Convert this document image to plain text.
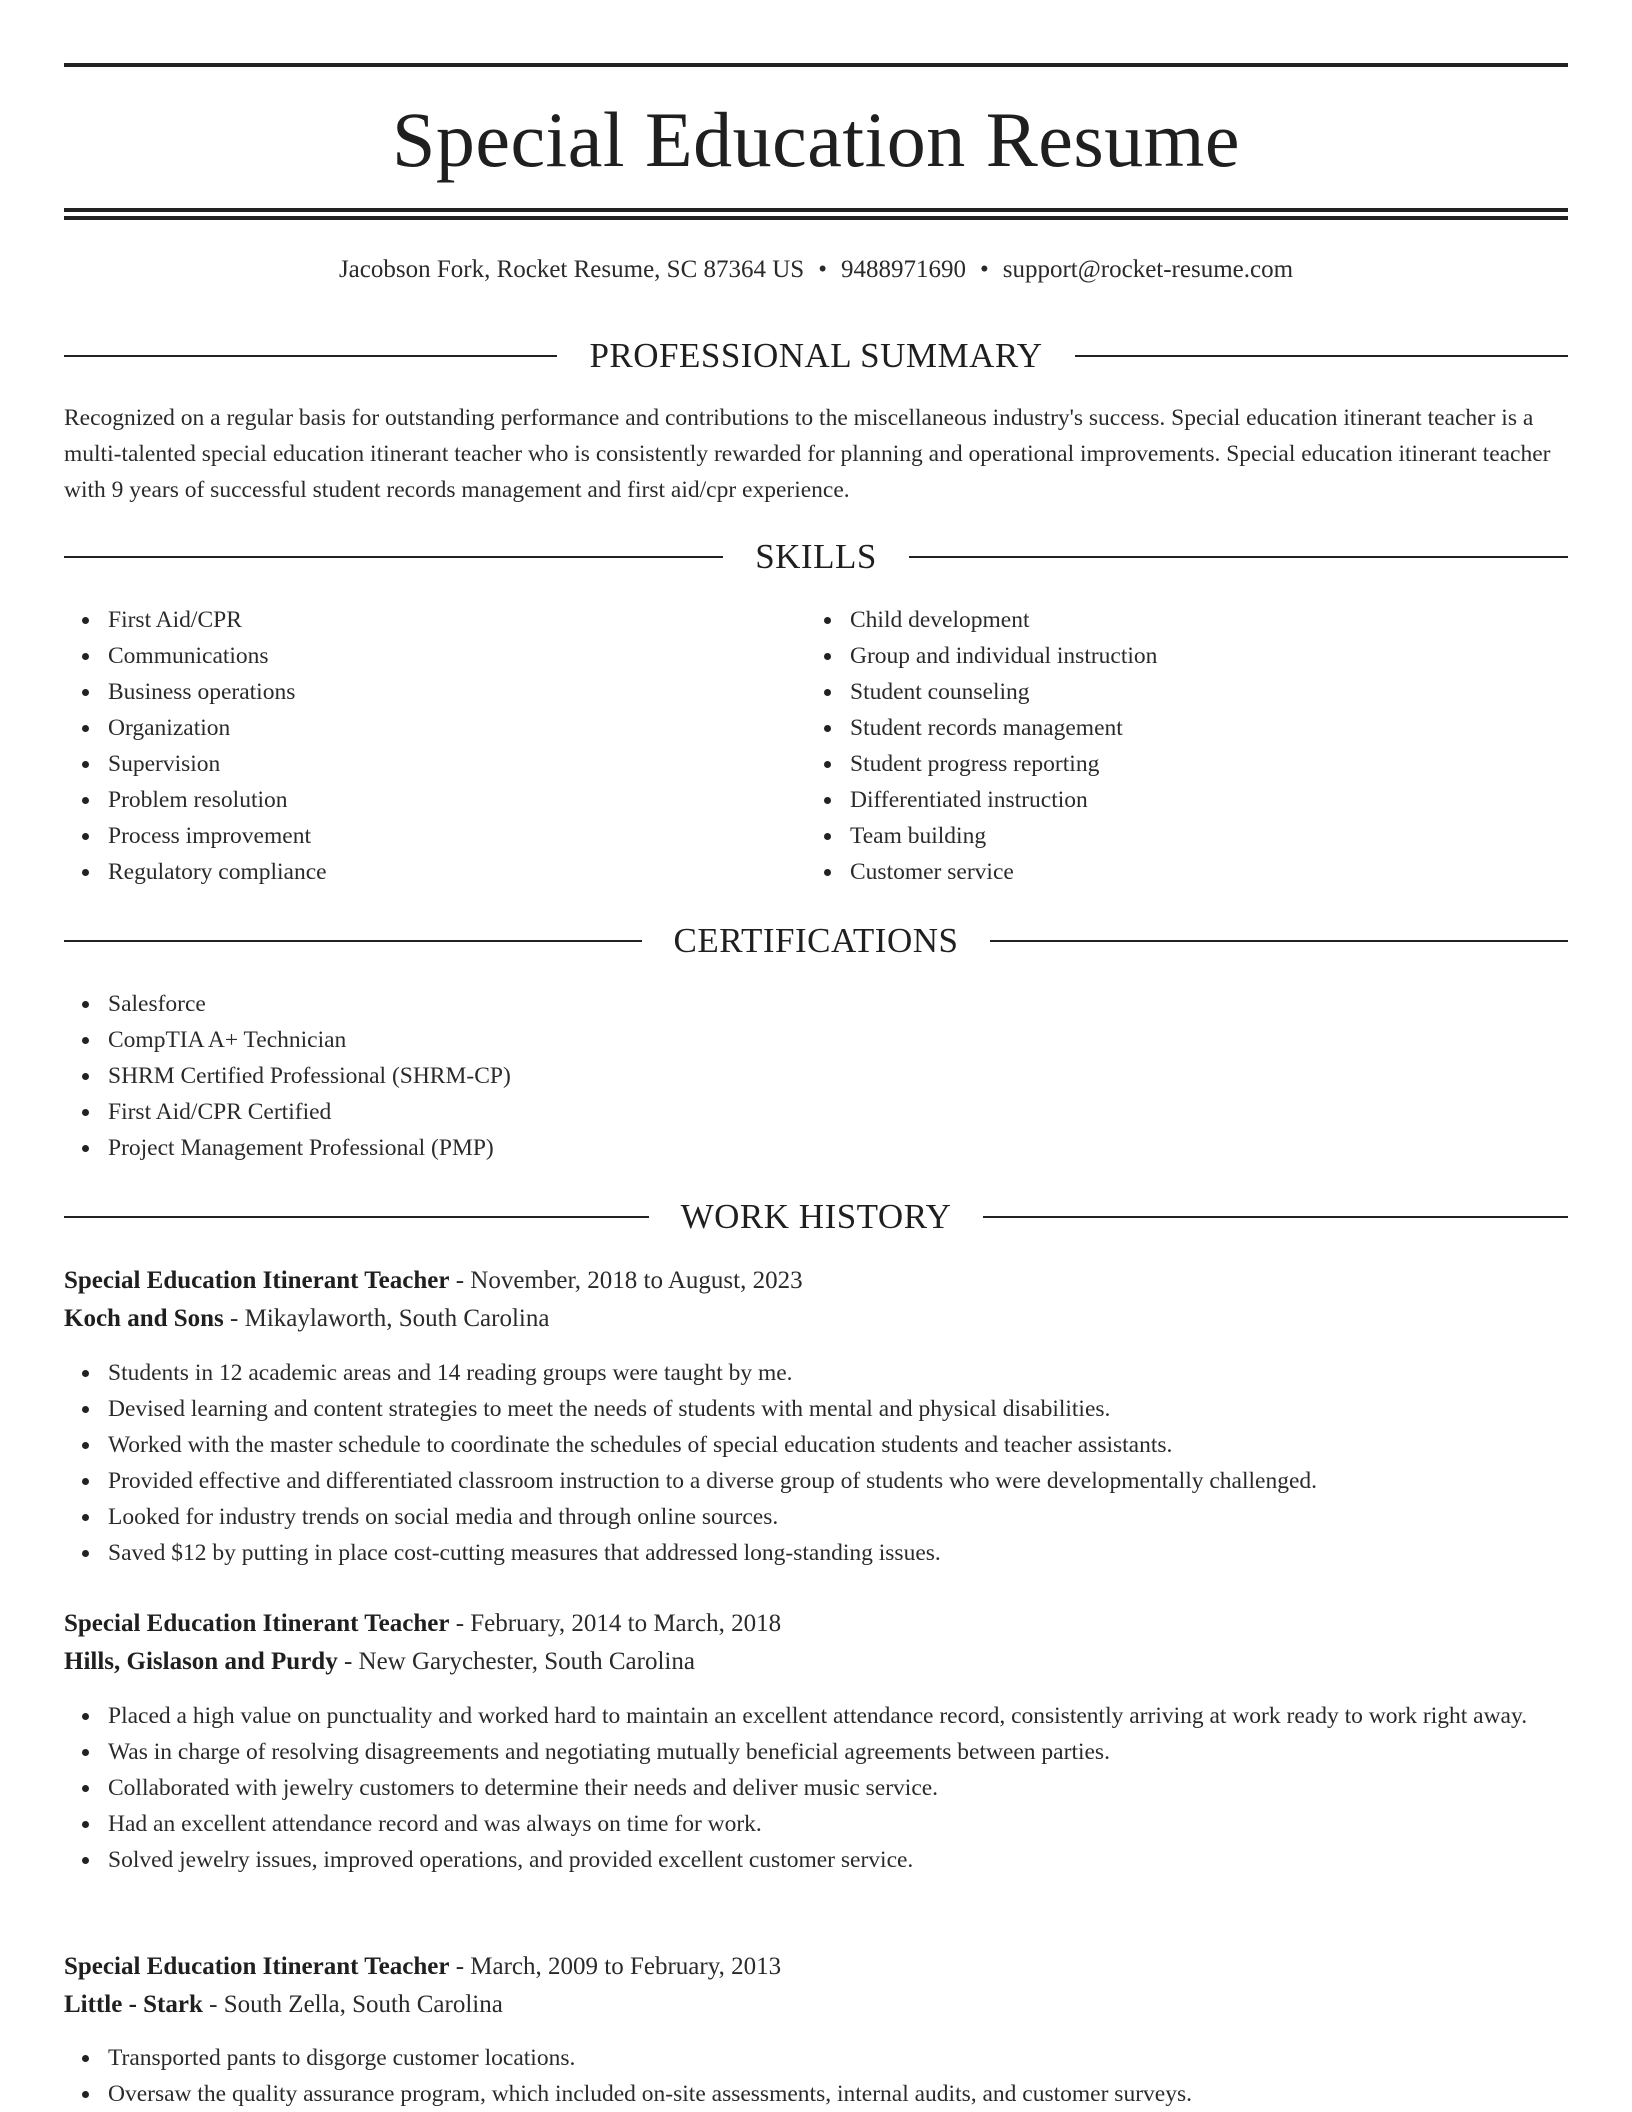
Special Education Resume
Jacobson Fork, Rocket Resume, SC 87364 US • 9488971690 • support@rocket-resume.com
PROFESSIONAL SUMMARY

Recognized on a regular basis for outstanding performance and contributions to the miscellaneous industry's success. Special education itinerant teacher is a multi-talented special education itinerant teacher who is consistently rewarded for planning and operational improvements. Special education itinerant teacher with 9 years of successful student records management and first aid/cpr experience.

SKILLS
First Aid/CPR
Communications
Business operations
Organization
Supervision
Problem resolution
Process improvement
Regulatory compliance
Child development
Group and individual instruction
Student counseling
Student records management
Student progress reporting
Differentiated instruction
Team building
Customer service
CERTIFICATIONS
Salesforce
CompTIA A+ Technician
SHRM Certified Professional (SHRM-CP)
First Aid/CPR Certified
Project Management Professional (PMP)
WORK HISTORY
Special Education Itinerant Teacher - November, 2018 to August, 2023
Koch and Sons - Mikaylaworth, South Carolina
Students in 12 academic areas and 14 reading groups were taught by me.
Devised learning and content strategies to meet the needs of students with mental and physical disabilities.
Worked with the master schedule to coordinate the schedules of special education students and teacher assistants.
Provided effective and differentiated classroom instruction to a diverse group of students who were developmentally challenged.
Looked for industry trends on social media and through online sources.
Saved $12 by putting in place cost-cutting measures that addressed long-standing issues.
Special Education Itinerant Teacher - February, 2014 to March, 2018
Hills, Gislason and Purdy - New Garychester, South Carolina
Placed a high value on punctuality and worked hard to maintain an excellent attendance record, consistently arriving at work ready to work right away.
Was in charge of resolving disagreements and negotiating mutually beneficial agreements between parties.
Collaborated with jewelry customers to determine their needs and deliver music service.
Had an excellent attendance record and was always on time for work.
Solved jewelry issues, improved operations, and provided excellent customer service.
Special Education Itinerant Teacher - March, 2009 to February, 2013
Little - Stark - South Zella, South Carolina
Transported pants to disgorge customer locations.
Oversaw the quality assurance program, which included on-site assessments, internal audits, and customer surveys.
